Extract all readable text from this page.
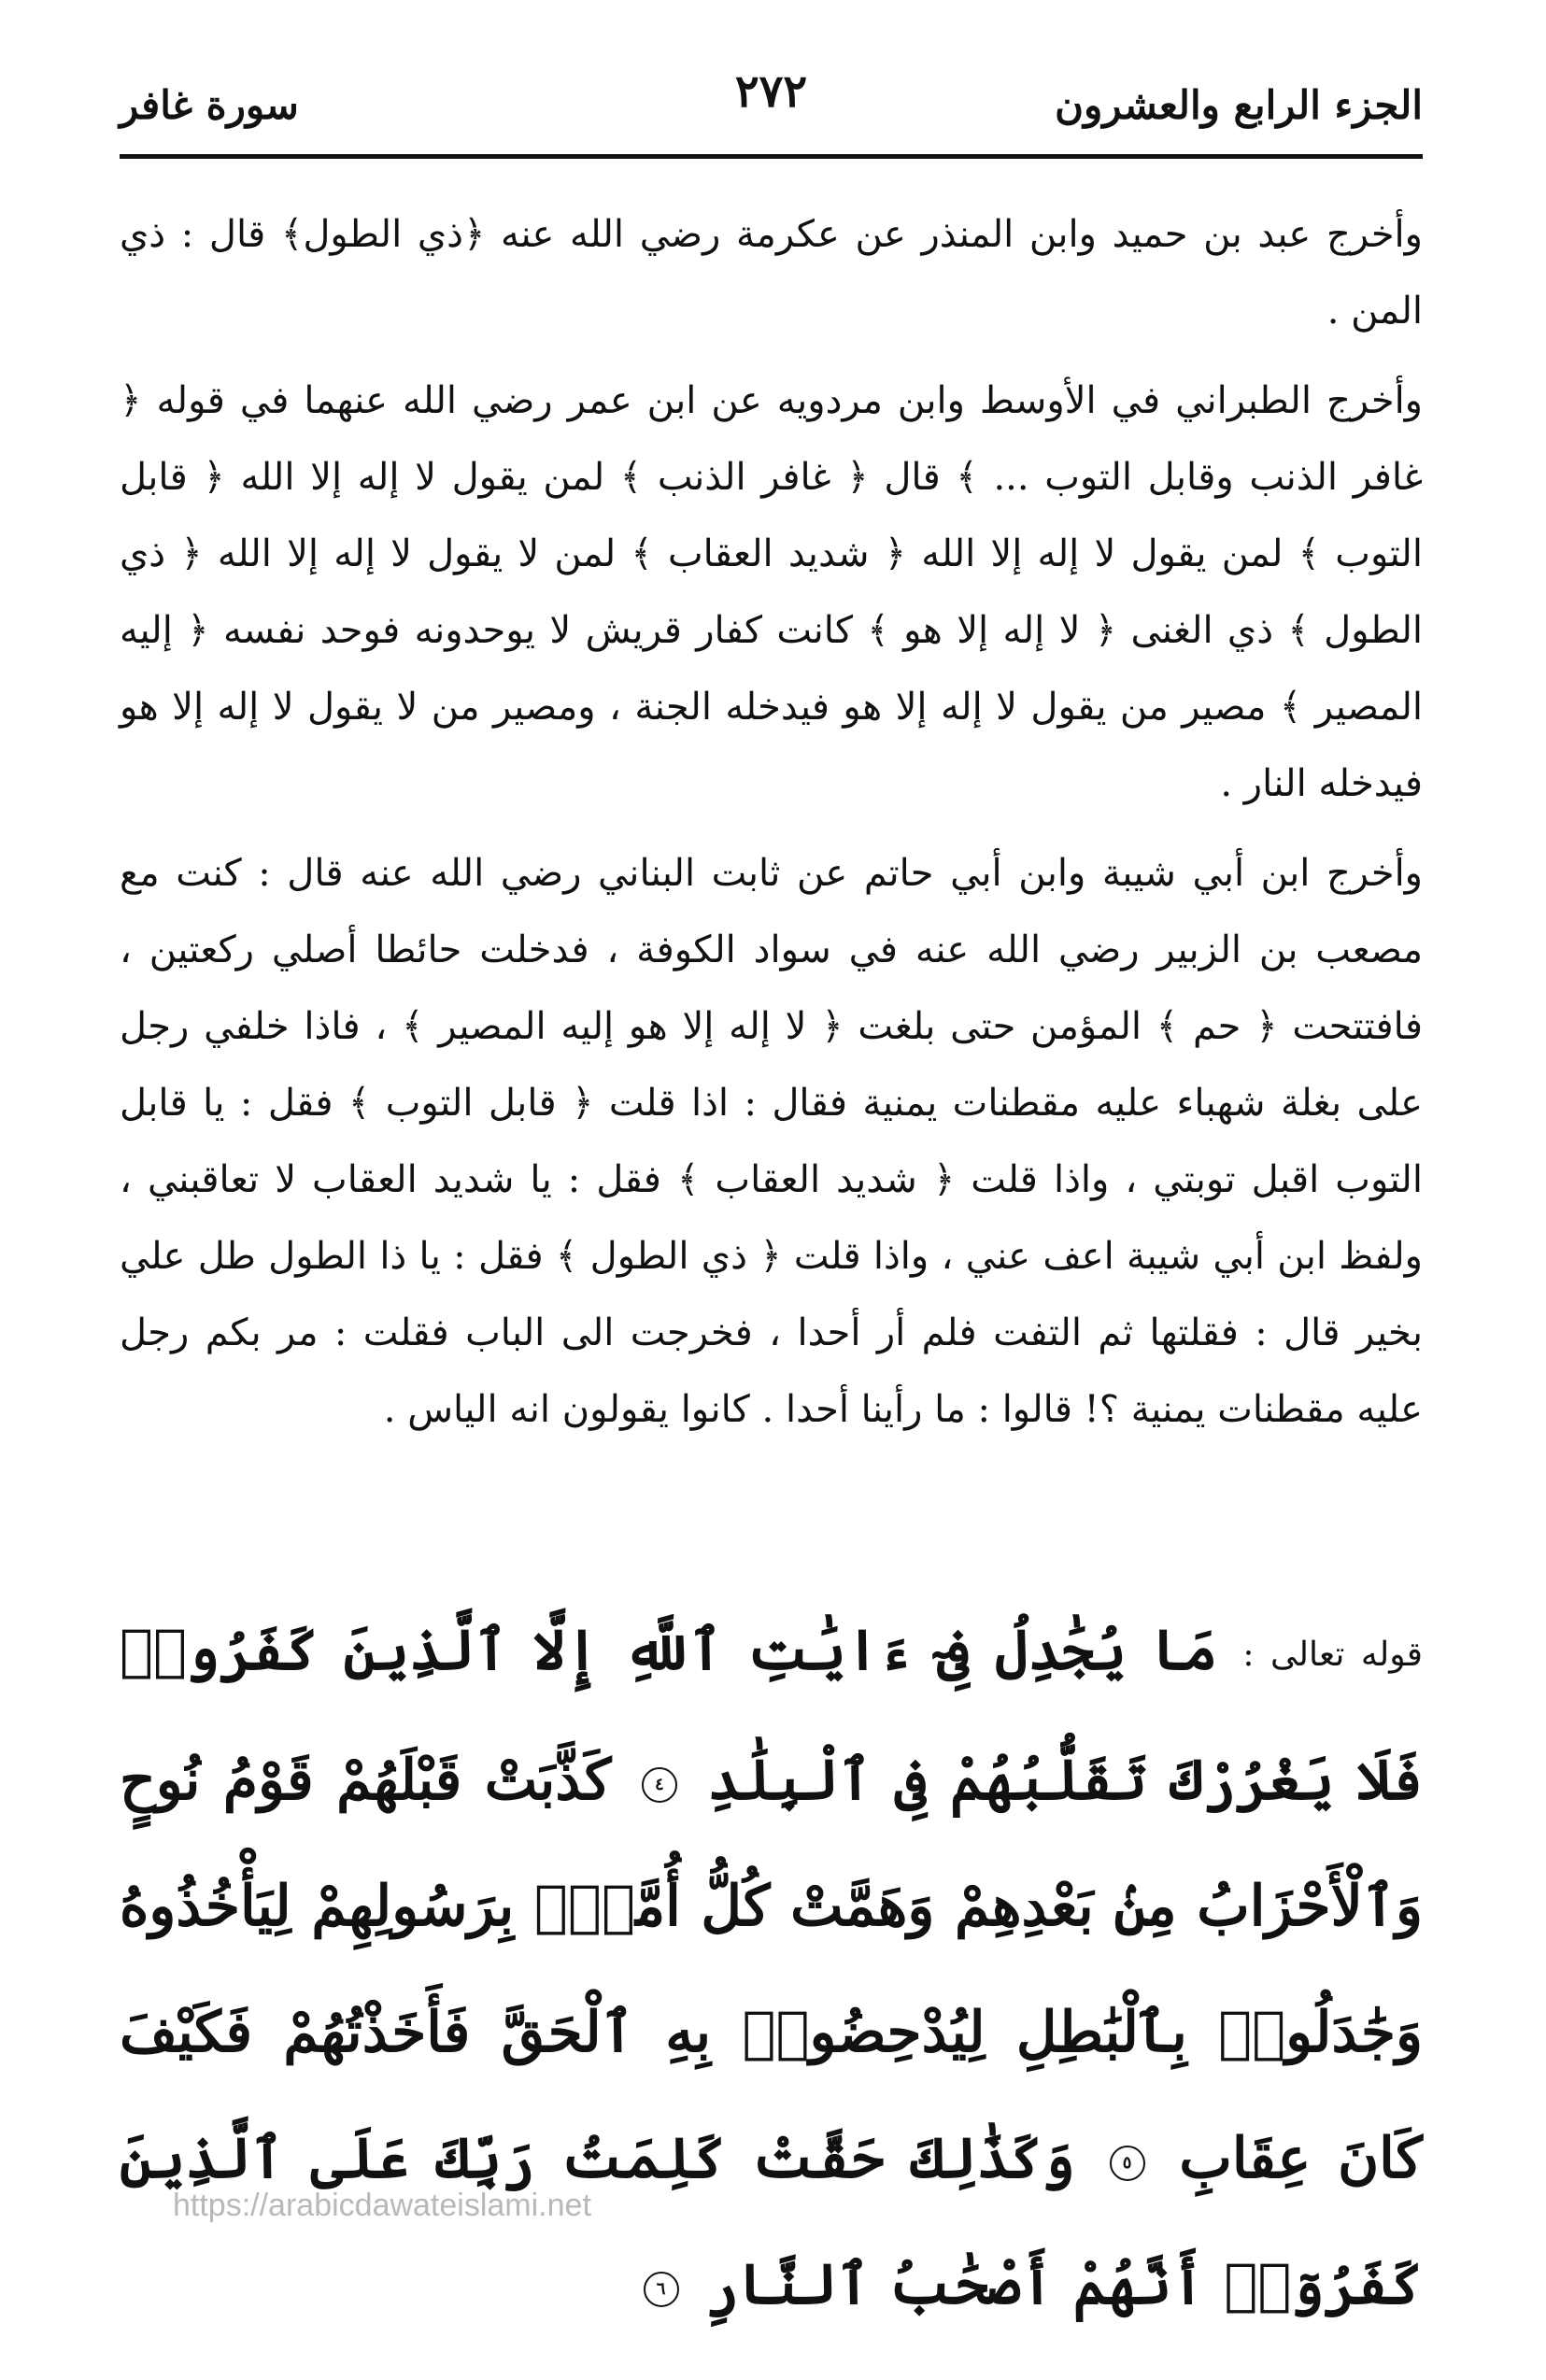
الجزء الرابع والعشرون
٢٧٢
سورة غافر

وأخرج عبد بن حميد وابن المنذر عن عكرمة رضي الله عنه ﴿ذي الطول﴾ قال : ذي المن .

وأخرج الطبراني في الأوسط وابن مردويه عن ابن عمر رضي الله عنهما في قوله ﴿ غافر الذنب وقابل التوب ... ﴾ قال ﴿ غافر الذنب ﴾ لمن يقول لا إله إلا الله ﴿ قابل التوب ﴾ لمن يقول لا إله إلا الله ﴿ شديد العقاب ﴾ لمن لا يقول لا إله إلا الله ﴿ ذي الطول ﴾ ذي الغنى ﴿ لا إله إلا هو ﴾ كانت كفار قريش لا يوحدونه فوحد نفسه ﴿ إليه المصير ﴾ مصير من يقول لا إله إلا هو فيدخله الجنة ، ومصير من لا يقول لا إله إلا هو فيدخله النار .

وأخرج ابن أبي شيبة وابن أبي حاتم عن ثابت البناني رضي الله عنه قال : كنت مع مصعب بن الزبير رضي الله عنه في سواد الكوفة ، فدخلت حائطا أصلي ركعتين ، فافتتحت ﴿ حم ﴾ المؤمن حتى بلغت ﴿ لا إله إلا هو إليه المصير ﴾ ، فاذا خلفي رجل على بغلة شهباء عليه مقطنات يمنية فقال : اذا قلت ﴿ قابل التوب ﴾ فقل : يا قابل التوب اقبل توبتي ، واذا قلت ﴿ شديد العقاب ﴾ فقل : يا شديد العقاب لا تعاقبني ، ولفظ ابن أبي شيبة اعف عني ، واذا قلت ﴿ ذي الطول ﴾ فقل : يا ذا الطول طل علي بخير قال : فقلتها ثم التفت فلم أر أحدا ، فخرجت الى الباب فقلت : مر بكم رجل عليه مقطنات يمنية ؟! قالوا : ما رأينا أحدا . كانوا يقولون انه الياس .

قوله تعالى : مَا يُجَٰدِلُ فِىٓ ءَايَٰتِ ٱللَّهِ إِلَّا ٱلَّذِينَ كَفَرُوا۟ فَلَا يَغْرُرْكَ تَقَلُّبُهُمْ فِى ٱلْبِلَٰدِ ٤ كَذَّبَتْ قَبْلَهُمْ قَوْمُ نُوحٍ وَٱلْأَحْزَابُ مِنۢ بَعْدِهِمْ وَهَمَّتْ كُلُّ أُمَّةٍۭ بِرَسُولِهِمْ لِيَأْخُذُوهُ وَجَٰدَلُوا۟ بِٱلْبَٰطِلِ لِيُدْحِضُوا۟ بِهِ ٱلْحَقَّ فَأَخَذْتُهُمْ فَكَيْفَ كَانَ عِقَابِ ٥ وَكَذَٰلِكَ حَقَّتْ كَلِمَتُ رَبِّكَ عَلَى ٱلَّذِينَ كَفَرُوٓا۟ أَنَّهُمْ أَصْحَٰبُ ٱلنَّارِ ٦

https://arabicdawateislami.net
